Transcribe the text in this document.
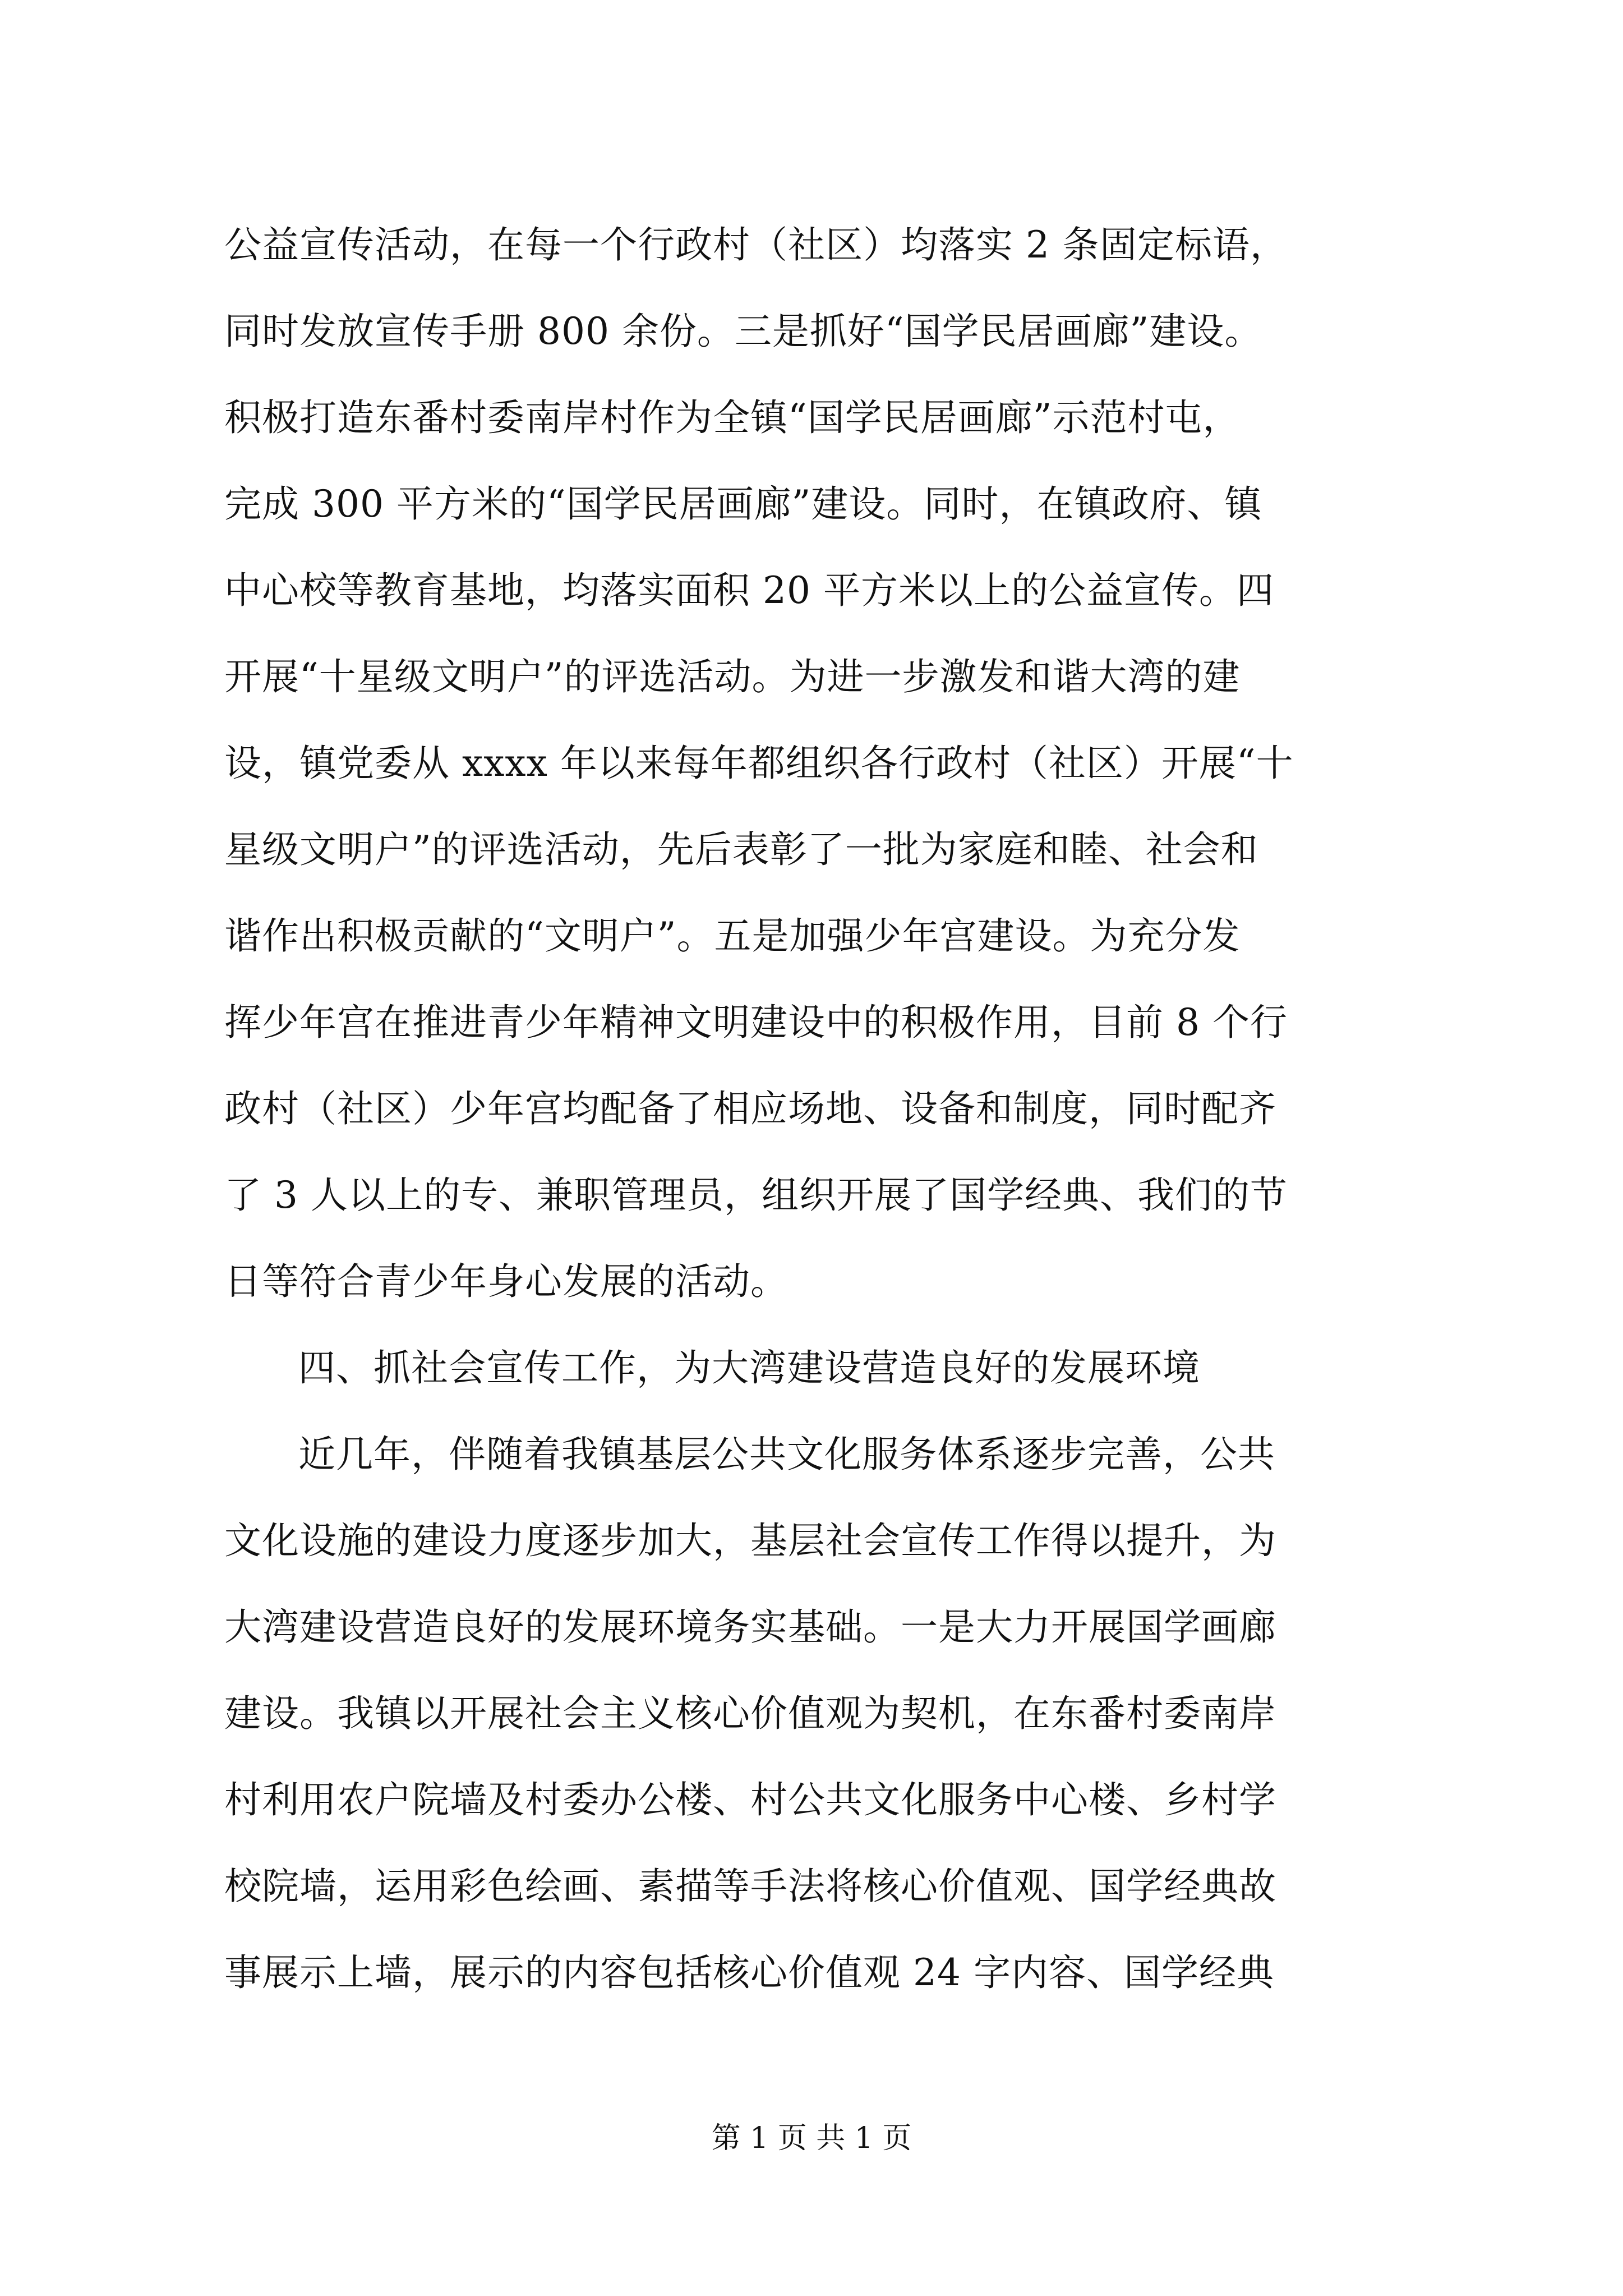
公益宣传活动，在每一个行政村（社区）均落实 2 条固定标语，
同时发放宣传手册 800 余份。三是抓好“国学民居画廊”建设。
积极打造东番村委南岸村作为全镇“国学民居画廊”示范村屯，
完成 300 平方米的“国学民居画廊”建设。同时，在镇政府、镇
中心校等教育基地，均落实面积 20 平方米以上的公益宣传。四
开展“十星级文明户”的评选活动。为进一步激发和谐大湾的建
设，镇党委从 xxxx 年以来每年都组织各行政村（社区）开展“十
星级文明户”的评选活动，先后表彰了一批为家庭和睦、社会和
谐作出积极贡献的“文明户”。五是加强少年宫建设。为充分发
挥少年宫在推进青少年精神文明建设中的积极作用，目前 8 个行
政村（社区）少年宫均配备了相应场地、设备和制度，同时配齐
了 3 人以上的专、兼职管理员，组织开展了国学经典、我们的节
日等符合青少年身心发展的活动。
四、抓社会宣传工作，为大湾建设营造良好的发展环境
近几年，伴随着我镇基层公共文化服务体系逐步完善，公共
文化设施的建设力度逐步加大，基层社会宣传工作得以提升，为
大湾建设营造良好的发展环境务实基础。一是大力开展国学画廊
建设。我镇以开展社会主义核心价值观为契机，在东番村委南岸
村利用农户院墙及村委办公楼、村公共文化服务中心楼、乡村学
校院墙，运用彩色绘画、素描等手法将核心价值观、国学经典故
事展示上墙，展示的内容包括核心价值观 24 字内容、国学经典
第 1 页 共 1 页
